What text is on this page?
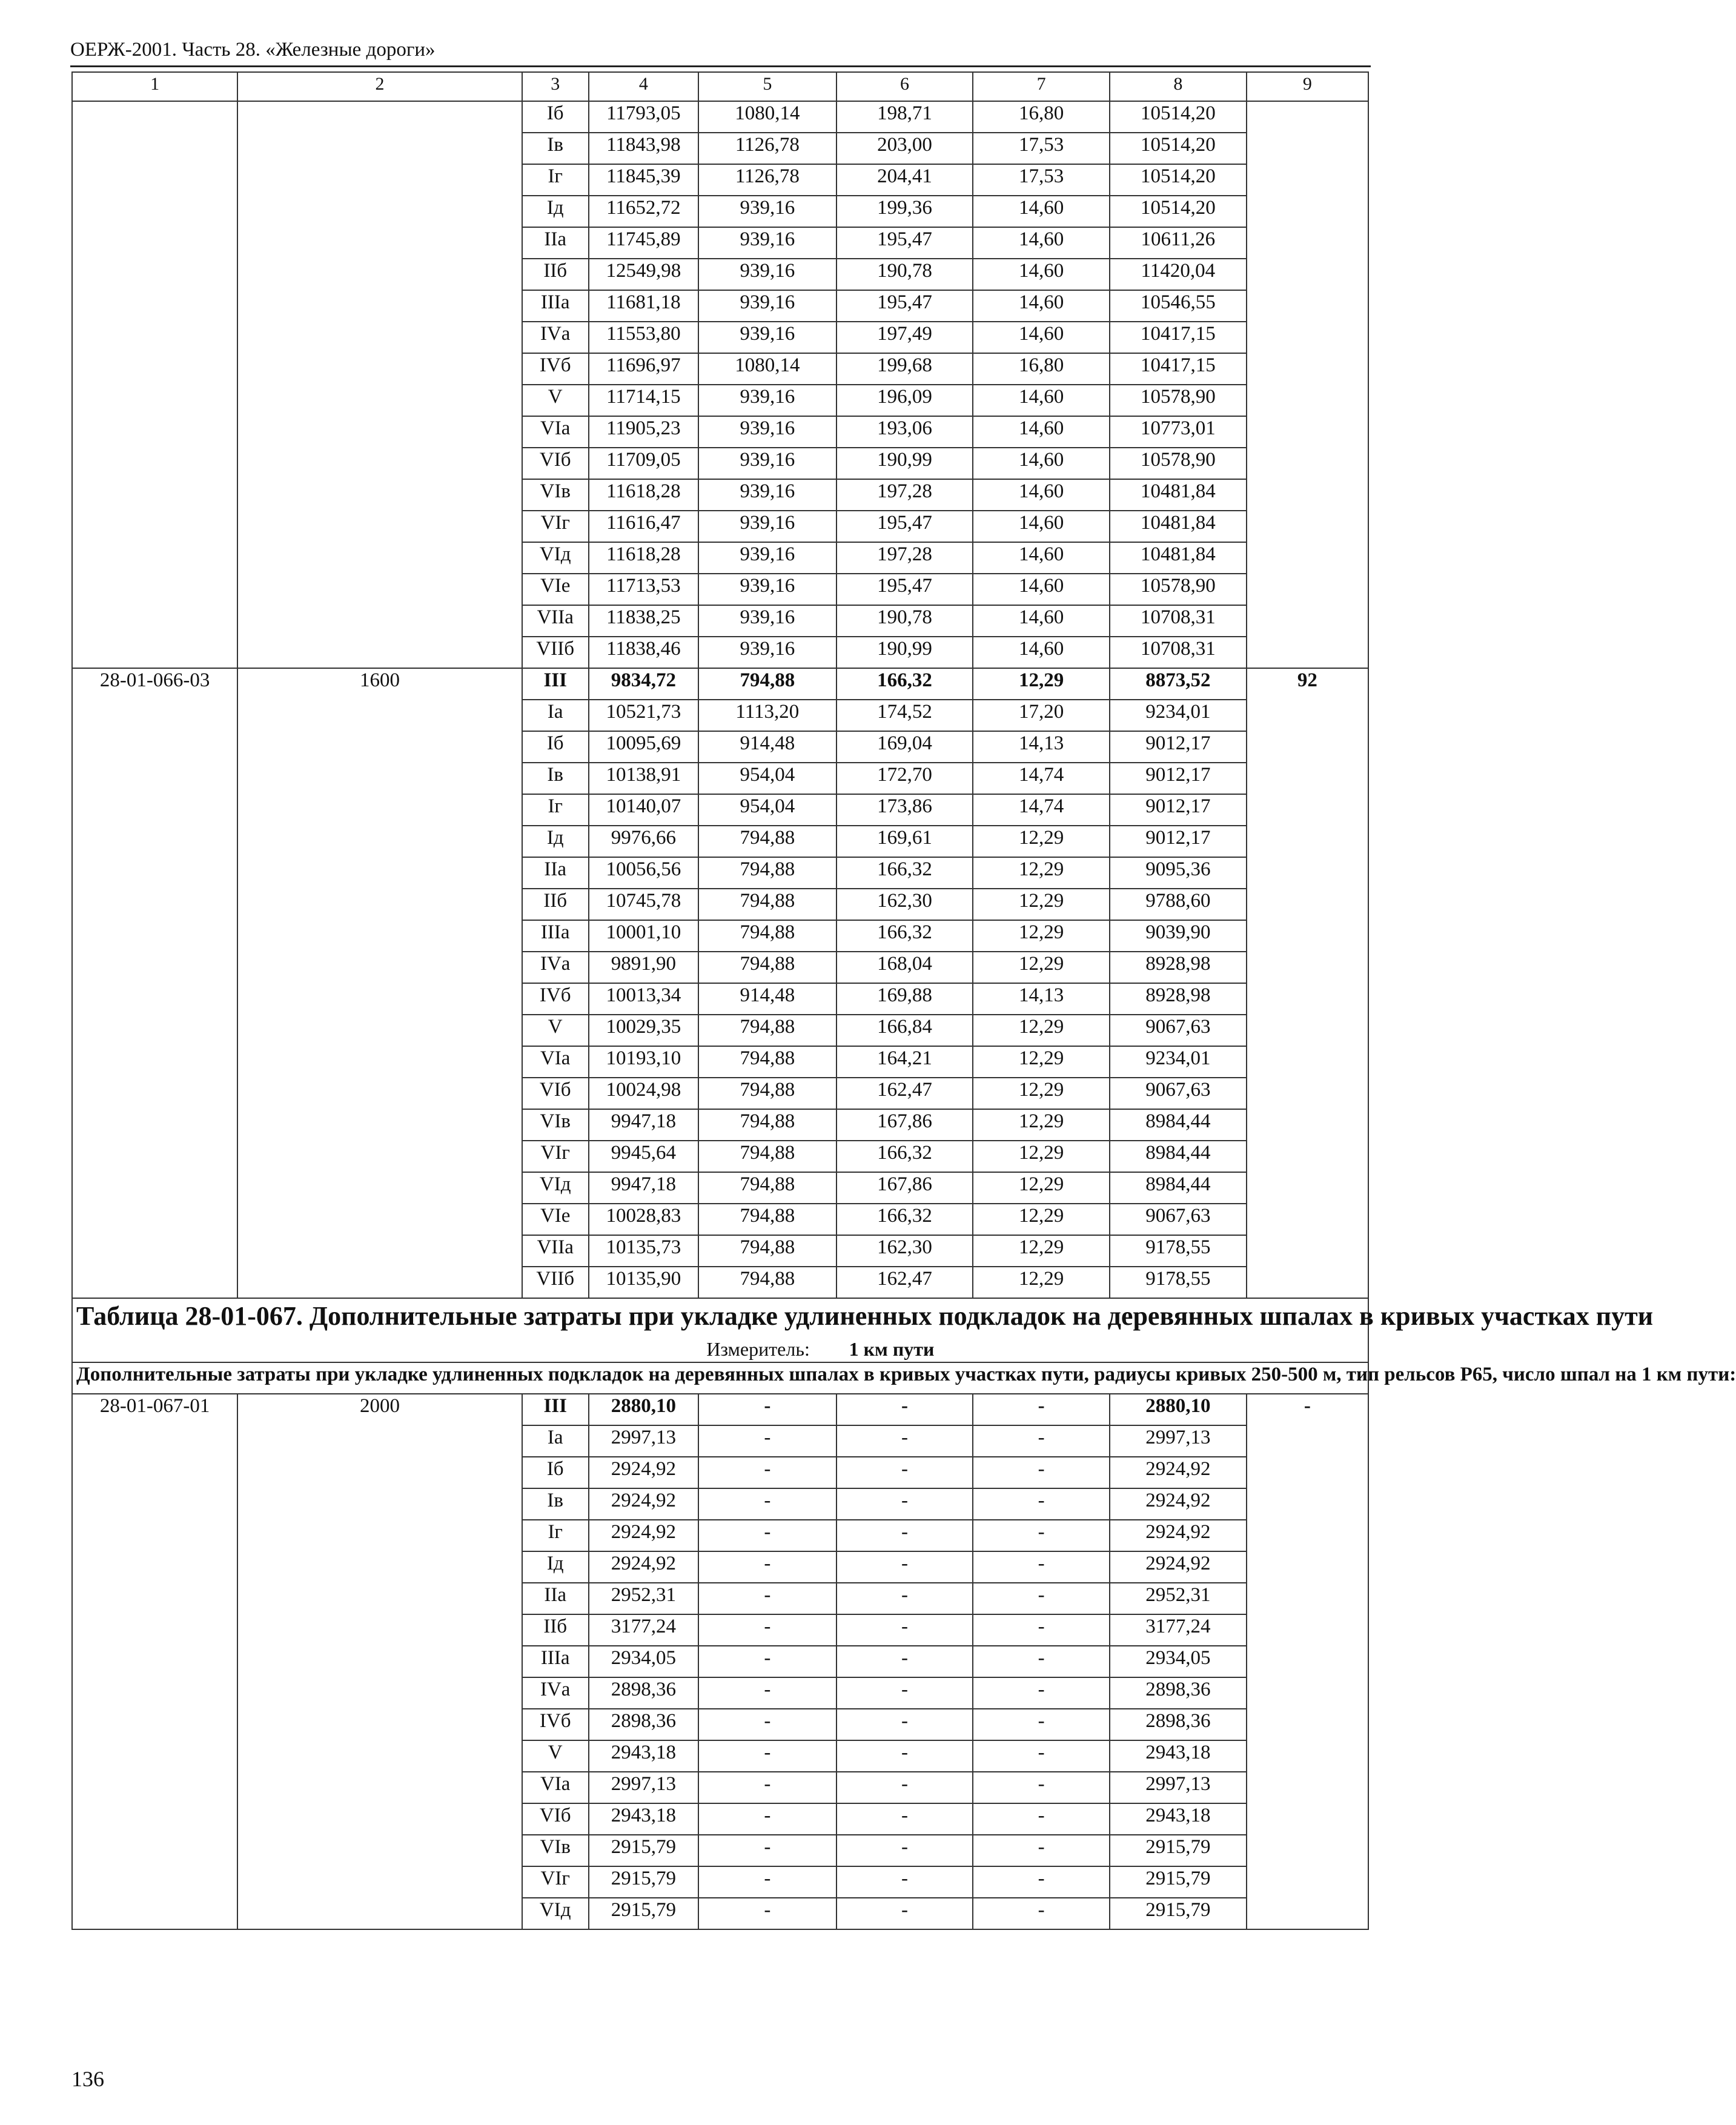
ОЕРЖ-2001. Часть 28. «Железные дороги»
1	2	3	4	5	6	7	8	9
		Iб	11793,05	1080,14	198,71	16,80	10514,20	
		Iв	11843,98	1126,78	203,00	17,53	10514,20	
		Iг	11845,39	1126,78	204,41	17,53	10514,20	
		Iд	11652,72	939,16	199,36	14,60	10514,20	
		IIа	11745,89	939,16	195,47	14,60	10611,26	
		IIб	12549,98	939,16	190,78	14,60	11420,04	
		IIIа	11681,18	939,16	195,47	14,60	10546,55	
		IVа	11553,80	939,16	197,49	14,60	10417,15	
		IVб	11696,97	1080,14	199,68	16,80	10417,15	
		V	11714,15	939,16	196,09	14,60	10578,90	
		VIа	11905,23	939,16	193,06	14,60	10773,01	
		VIб	11709,05	939,16	190,99	14,60	10578,90	
		VIв	11618,28	939,16	197,28	14,60	10481,84	
		VIг	11616,47	939,16	195,47	14,60	10481,84	
		VIд	11618,28	939,16	197,28	14,60	10481,84	
		VIе	11713,53	939,16	195,47	14,60	10578,90	
		VIIа	11838,25	939,16	190,78	14,60	10708,31	
		VIIб	11838,46	939,16	190,99	14,60	10708,31	
28-01-066-03	1600	III	9834,72	794,88	166,32	12,29	8873,52	92
		Iа	10521,73	1113,20	174,52	17,20	9234,01	
		Iб	10095,69	914,48	169,04	14,13	9012,17	
		Iв	10138,91	954,04	172,70	14,74	9012,17	
		Iг	10140,07	954,04	173,86	14,74	9012,17	
		Iд	9976,66	794,88	169,61	12,29	9012,17	
		IIа	10056,56	794,88	166,32	12,29	9095,36	
		IIб	10745,78	794,88	162,30	12,29	9788,60	
		IIIа	10001,10	794,88	166,32	12,29	9039,90	
		IVа	9891,90	794,88	168,04	12,29	8928,98	
		IVб	10013,34	914,48	169,88	14,13	8928,98	
		V	10029,35	794,88	166,84	12,29	9067,63	
		VIа	10193,10	794,88	164,21	12,29	9234,01	
		VIб	10024,98	794,88	162,47	12,29	9067,63	
		VIв	9947,18	794,88	167,86	12,29	8984,44	
		VIг	9945,64	794,88	166,32	12,29	8984,44	
		VIд	9947,18	794,88	167,86	12,29	8984,44	
		VIе	10028,83	794,88	166,32	12,29	9067,63	
		VIIа	10135,73	794,88	162,30	12,29	9178,55	
		VIIб	10135,90	794,88	162,47	12,29	9178,55	

Таблица 28-01-067. Дополнительные затраты при укладке удлиненных подкладок на деревянных шпалах в кривых участках пути
Измеритель: 1 км пути								

Дополнительные затраты при укладке удлиненных подкладок на деревянных шпалах в кривых участках пути, радиусы кривых 250-500 м, тип рельсов Р65, число шпал на 1 км пути:								
28-01-067-01	2000	III	2880,10	-	-	-	2880,10	-
		Iа	2997,13	-	-	-	2997,13	
		Iб	2924,92	-	-	-	2924,92	
		Iв	2924,92	-	-	-	2924,92	
		Iг	2924,92	-	-	-	2924,92	
		Iд	2924,92	-	-	-	2924,92	
		IIа	2952,31	-	-	-	2952,31	
		IIб	3177,24	-	-	-	3177,24	
		IIIа	2934,05	-	-	-	2934,05	
		IVа	2898,36	-	-	-	2898,36	
		IVб	2898,36	-	-	-	2898,36	
		V	2943,18	-	-	-	2943,18	
		VIа	2997,13	-	-	-	2997,13	
		VIб	2943,18	-	-	-	2943,18	
		VIв	2915,79	-	-	-	2915,79	
		VIг	2915,79	-	-	-	2915,79	
		VIд	2915,79	-	-	-	2915,79	
136
